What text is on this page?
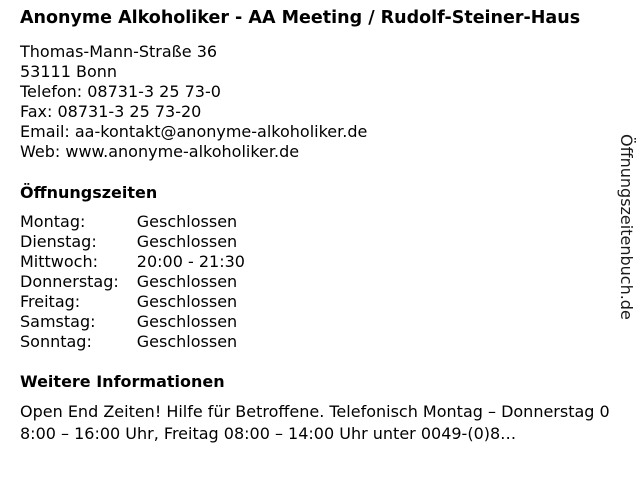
Anonyme Alkoholiker - AA Meeting / Rudolf-Steiner-Haus
Thomas-Mann-Straße 36
53111 Bonn
Telefon: 08731-3 25 73-0
Fax: 08731-3 25 73-20
Email: aa-kontakt@anonyme-alkoholiker.de
Web: www.anonyme-alkoholiker.de
Öffnungszeiten
Montag:	Geschlossen
Dienstag:	Geschlossen
Mittwoch:	20:00 - 21:30
Donnerstag:	Geschlossen
Freitag:	Geschlossen
Samstag:	Geschlossen
Sonntag:	Geschlossen
Weitere Informationen
Open End Zeiten! Hilfe für Betroffene. Telefonisch Montag – Donnerstag 08:00 – 16:00 Uhr, Freitag 08:00 – 14:00 Uhr unter 0049-(0)8…
Öffnungszeitenbuch.de
